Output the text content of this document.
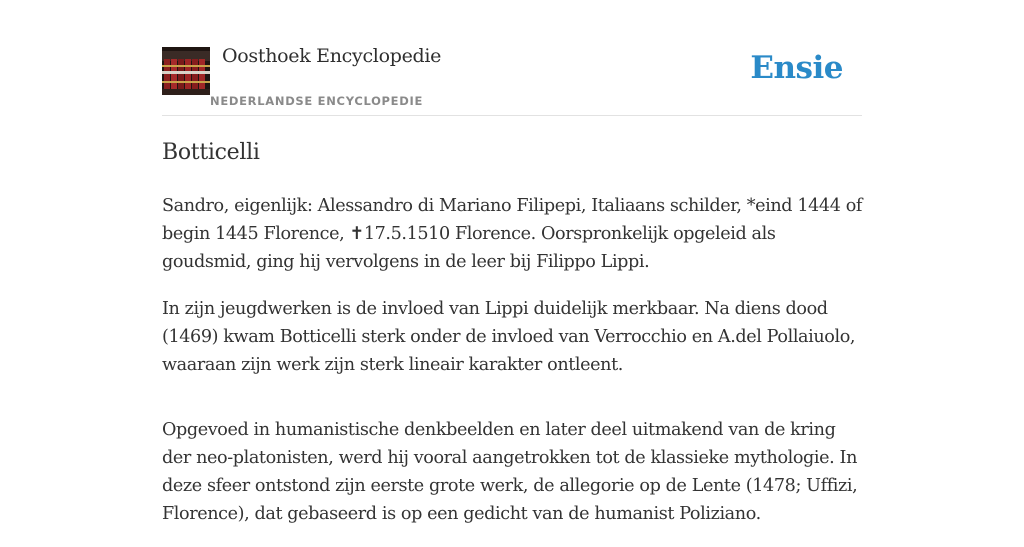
Oosthoek Encyclopedie
NEDERLANDSE ENCYCLOPEDIE
Ensie
Botticelli

Sandro, eigenlijk: Alessandro di Mariano Filipepi, Italiaans schilder, *eind 1444 of begin 1445 Florence, ✝17.5.1510 Florence. Oorspronkelijk opgeleid als goudsmid, ging hij vervolgens in de leer bij Filippo Lippi.

In zijn jeugdwerken is de invloed van Lippi duidelijk merkbaar. Na diens dood (1469) kwam Botticelli sterk onder de invloed van Verrocchio en A.del Pollaiuolo, waaraan zijn werk zijn sterk lineair karakter ontleent.

Opgevoed in humanistische denkbeelden en later deel uitmakend van de kring der neo-platonisten, werd hij vooral aangetrokken tot de klassieke mythologie. In deze sfeer ontstond zijn eerste grote werk, de allegorie op de Lente (1478; Uffizi, Florence), dat gebaseerd is op een gedicht van de humanist Poliziano.
